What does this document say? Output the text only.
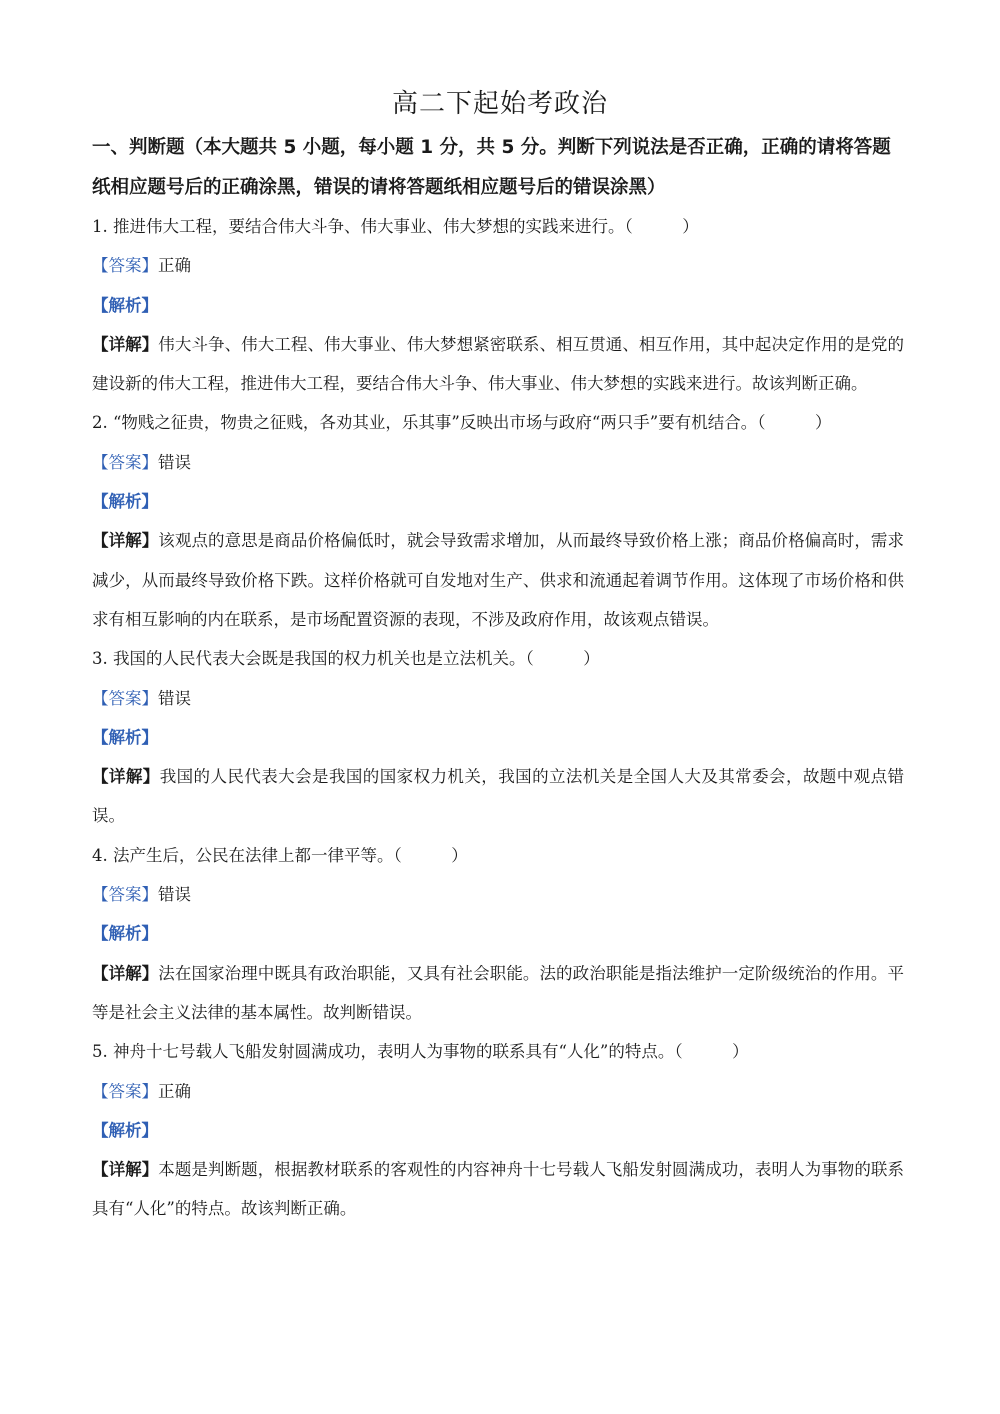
高二下起始考政治

一、判断题（本大题共 5 小题，每小题 1 分，共 5 分。判断下列说法是否正确，正确的请将答题纸相应题号后的正确涂黑，错误的请将答题纸相应题号后的错误涂黑）

1. 推进伟大工程，要结合伟大斗争、伟大事业、伟大梦想的实践来进行。（　　　）

【答案】正确

【解析】

【详解】伟大斗争、伟大工程、伟大事业、伟大梦想紧密联系、相互贯通、相互作用，其中起决定作用的是党的建设新的伟大工程，推进伟大工程，要结合伟大斗争、伟大事业、伟大梦想的实践来进行。故该判断正确。

2. “物贱之征贵，物贵之征贱，各劝其业，乐其事”反映出市场与政府“两只手”要有机结合。（　　　）

【答案】错误

【解析】

【详解】该观点的意思是商品价格偏低时，就会导致需求增加，从而最终导致价格上涨；商品价格偏高时，需求减少，从而最终导致价格下跌。这样价格就可自发地对生产、供求和流通起着调节作用。这体现了市场价格和供求有相互影响的内在联系，是市场配置资源的表现，不涉及政府作用，故该观点错误。

3. 我国的人民代表大会既是我国的权力机关也是立法机关。（　　　）

【答案】错误

【解析】

【详解】我国的人民代表大会是我国的国家权力机关，我国的立法机关是全国人大及其常委会，故题中观点错误。

4. 法产生后，公民在法律上都一律平等。（　　　）

【答案】错误

【解析】

【详解】法在国家治理中既具有政治职能，又具有社会职能。法的政治职能是指法维护一定阶级统治的作用。平等是社会主义法律的基本属性。故判断错误。

5. 神舟十七号载人飞船发射圆满成功，表明人为事物的联系具有“人化”的特点。（　　　）

【答案】正确

【解析】

【详解】本题是判断题，根据教材联系的客观性的内容神舟十七号载人飞船发射圆满成功，表明人为事物的联系具有“人化”的特点。故该判断正确。
